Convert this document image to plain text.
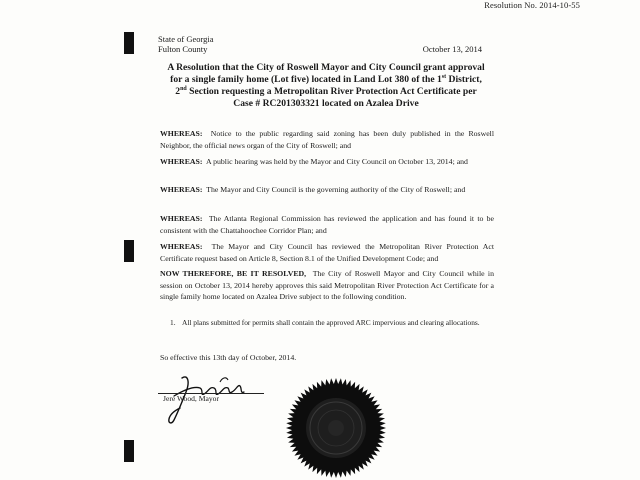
Resolution No. 2014-10-55
State of Georgia
Fulton County	October 13, 2014
A Resolution that the City of Roswell Mayor and City Council grant approval
for a single family home (Lot five) located in Land Lot 380 of the 1st District,
2nd Section requesting a Metropolitan River Protection Act Certificate per
Case # RC201303321 located on Azalea Drive
WHEREAS: Notice to the public regarding said zoning has been duly published in the Roswell Neighbor, the official news organ of the City of Roswell; and
WHEREAS: A public hearing was held by the Mayor and City Council on October 13, 2014; and
WHEREAS: The Mayor and City Council is the governing authority of the City of Roswell; and
WHEREAS: The Atlanta Regional Commission has reviewed the application and has found it to be consistent with the Chattahoochee Corridor Plan; and
WHEREAS: The Mayor and City Council has reviewed the Metropolitan River Protection Act Certificate request based on Article 8, Section 8.1 of the Unified Development Code; and
NOW THEREFORE, BE IT RESOLVED, The City of Roswell Mayor and City Council while in session on October 13, 2014 hereby approves this said Metropolitan River Protection Act Certificate for a single family home located on Azalea Drive subject to the following condition.
1. All plans submitted for permits shall contain the approved ARC impervious and clearing allocations.
So effective this 13th day of October, 2014.
Jere Wood, Mayor
